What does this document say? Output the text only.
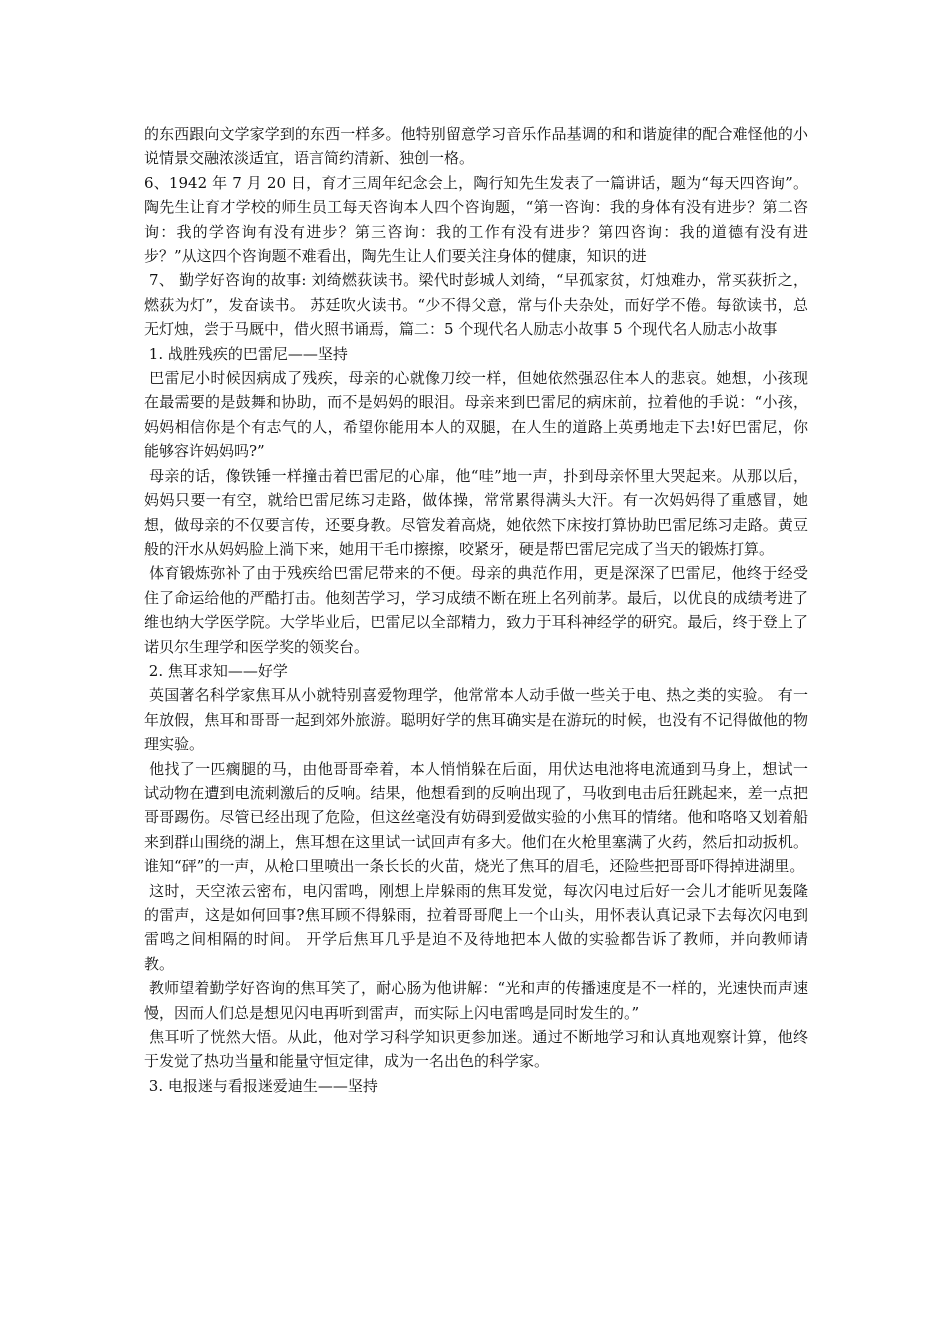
的东西跟向文学家学到的东西一样多。他特别留意学习音乐作品基调的和和谐旋律的配合难怪他的小说情景交融浓淡适宜，语言简约清新、独创一格。

6、1942 年 7 月 20 日，育才三周年纪念会上，陶行知先生发表了一篇讲话，题为“每天四咨询”。陶先生让育才学校的师生员工每天咨询本人四个咨询题，“第一咨询：我的身体有没有进步？第二咨询：我的学咨询有没有进步？第三咨询：我的工作有没有进步？第四咨询：我的道德有没有进步？”从这四个咨询题不难看出，陶先生让人们要关注身体的健康，知识的进

7、 勤学好咨询的故事: 刘绮燃荻读书。梁代时彭城人刘绮，“早孤家贫，灯烛难办，常买荻折之，燃荻为灯”，发奋读书。 苏廷吹火读书。“少不得父意，常与仆夫杂处，而好学不倦。每欲读书，总无灯烛，尝于马厩中，借火照书诵焉，篇二：5 个现代名人励志小故事 5 个现代名人励志小故事

1. 战胜残疾的巴雷尼——坚持

巴雷尼小时候因病成了残疾，母亲的心就像刀绞一样，但她依然强忍住本人的悲哀。她想，小孩现在最需要的是鼓舞和协助，而不是妈妈的眼泪。母亲来到巴雷尼的病床前，拉着他的手说：“小孩，妈妈相信你是个有志气的人，希望你能用本人的双腿，在人生的道路上英勇地走下去!好巴雷尼，你能够容许妈妈吗?”

母亲的话，像铁锤一样撞击着巴雷尼的心扉，他“哇”地一声，扑到母亲怀里大哭起来。从那以后，妈妈只要一有空，就给巴雷尼练习走路，做体操，常常累得满头大汗。有一次妈妈得了重感冒，她想，做母亲的不仅要言传，还要身教。尽管发着高烧，她依然下床按打算协助巴雷尼练习走路。黄豆般的汗水从妈妈脸上淌下来，她用干毛巾擦擦，咬紧牙，硬是帮巴雷尼完成了当天的锻炼打算。

体育锻炼弥补了由于残疾给巴雷尼带来的不便。母亲的典范作用，更是深深了巴雷尼，他终于经受住了命运给他的严酷打击。他刻苦学习，学习成绩不断在班上名列前茅。最后，以优良的成绩考进了维也纳大学医学院。大学毕业后，巴雷尼以全部精力，致力于耳科神经学的研究。最后，终于登上了诺贝尔生理学和医学奖的领奖台。

2. 焦耳求知——好学

英国著名科学家焦耳从小就特别喜爱物理学，他常常本人动手做一些关于电、热之类的实验。 有一年放假，焦耳和哥哥一起到郊外旅游。聪明好学的焦耳确实是在游玩的时候，也没有不记得做他的物理实验。

他找了一匹瘸腿的马，由他哥哥牵着，本人悄悄躲在后面，用伏达电池将电流通到马身上，想试一试动物在遭到电流刺激后的反响。结果，他想看到的反响出现了，马收到电击后狂跳起来，差一点把哥哥踢伤。尽管已经出现了危险，但这丝毫没有妨碍到爱做实验的小焦耳的情绪。他和咯咯又划着船来到群山围绕的湖上，焦耳想在这里试一试回声有多大。他们在火枪里塞满了火药，然后扣动扳机。谁知“砰”的一声，从枪口里喷出一条长长的火苗，烧光了焦耳的眉毛，还险些把哥哥吓得掉进湖里。

这时，天空浓云密布，电闪雷鸣，刚想上岸躲雨的焦耳发觉，每次闪电过后好一会儿才能听见轰隆的雷声，这是如何回事?焦耳顾不得躲雨，拉着哥哥爬上一个山头，用怀表认真记录下去每次闪电到雷鸣之间相隔的时间。 开学后焦耳几乎是迫不及待地把本人做的实验都告诉了教师，并向教师请教。

教师望着勤学好咨询的焦耳笑了，耐心肠为他讲解：“光和声的传播速度是不一样的，光速快而声速慢，因而人们总是想见闪电再听到雷声，而实际上闪电雷鸣是同时发生的。”

焦耳听了恍然大悟。从此，他对学习科学知识更参加迷。通过不断地学习和认真地观察计算，他终于发觉了热功当量和能量守恒定律，成为一名出色的科学家。

3. 电报迷与看报迷爱迪生——坚持
